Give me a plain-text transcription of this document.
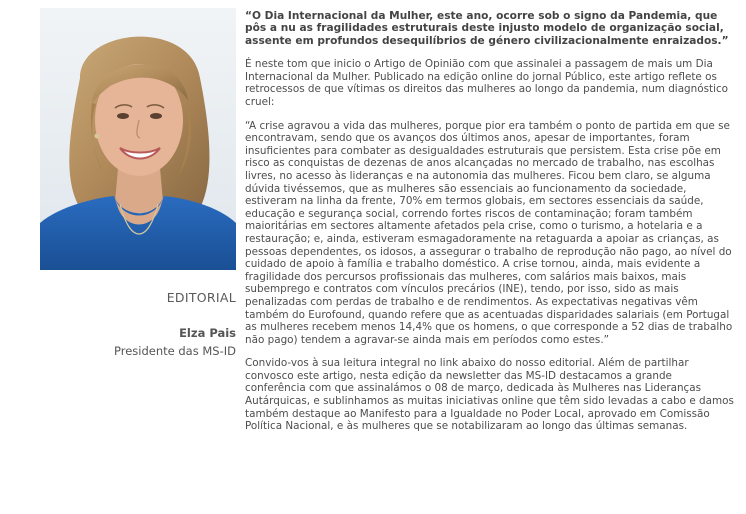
EDITORIAL
Elza Pais
Presidente das MS-ID

“O Dia Internacional da Mulher, este ano, ocorre sob o signo da Pandemia, que pôs a nu as fragilidades estruturais deste injusto modelo de organização social, assente em profundos desequilíbrios de género civilizacionalmente enraizados.”

É neste tom que inicio o Artigo de Opinião com que assinalei a passagem de mais um Dia Internacional da Mulher. Publicado na edição online do jornal Público, este artigo reflete os retrocessos de que vítimas os direitos das mulheres ao longo da pandemia, num diagnóstico cruel:

“A crise agravou a vida das mulheres, porque pior era também o ponto de partida em que se encontravam, sendo que os avanços dos últimos anos, apesar de importantes, foram insuficientes para combater as desigualdades estruturais que persistem. Esta crise põe em risco as conquistas de dezenas de anos alcançadas no mercado de trabalho, nas escolhas livres, no acesso às lideranças e na autonomia das mulheres. Ficou bem claro, se alguma dúvida tivéssemos, que as mulheres são essenciais ao funcionamento da sociedade, estiveram na linha da frente, 70% em termos globais, em sectores essenciais da saúde, educação e segurança social, correndo fortes riscos de contaminação; foram também maioritárias em sectores altamente afetados pela crise, como o turismo, a hotelaria e a restauração; e, ainda, estiveram esmagadoramente na retaguarda a apoiar as crianças, as pessoas dependentes, os idosos, a assegurar o trabalho de reprodução não pago, ao nível do cuidado de apoio à família e trabalho doméstico. A crise tornou, ainda, mais evidente a fragilidade dos percursos profissionais das mulheres, com salários mais baixos, mais subemprego e contratos com vínculos precários (INE), tendo, por isso, sido as mais penalizadas com perdas de trabalho e de rendimentos. As expectativas negativas vêm também do Eurofound, quando refere que as acentuadas disparidades salariais (em Portugal as mulheres recebem menos 14,4% que os homens, o que corresponde a 52 dias de trabalho não pago) tendem a agravar-se ainda mais em períodos como estes.”

Convido-vos à sua leitura integral no link abaixo do nosso editorial. Além de partilhar convosco este artigo, nesta edição da newsletter das MS-ID destacamos a grande conferência com que assinalámos o 08 de março, dedicada às Mulheres nas Lideranças Autárquicas, e sublinhamos as muitas iniciativas online que têm sido levadas a cabo e damos também destaque ao Manifesto para a Igualdade no Poder Local, aprovado em Comissão Política Nacional, e às mulheres que se notabilizaram ao longo das últimas semanas.
